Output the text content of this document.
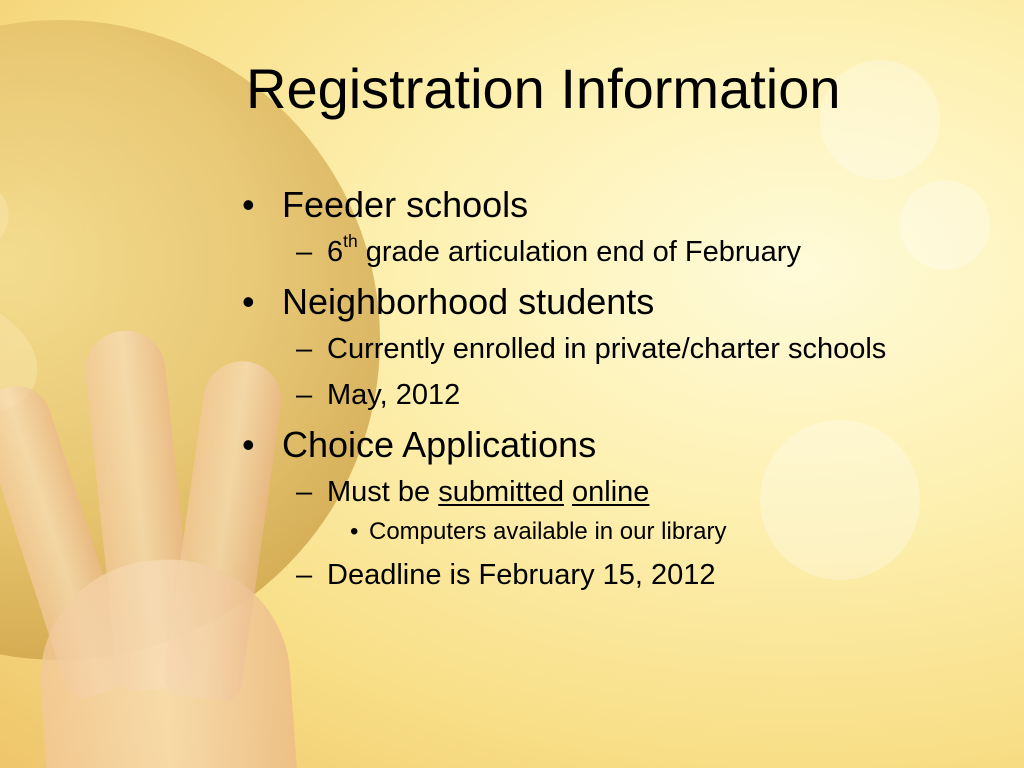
Registration Information
• Feeder schools
– 6th grade articulation end of February
• Neighborhood students
– Currently enrolled in private/charter schools
– May, 2012
• Choice Applications
– Must be submitted online
• Computers available in our library
– Deadline is February 15, 2012
